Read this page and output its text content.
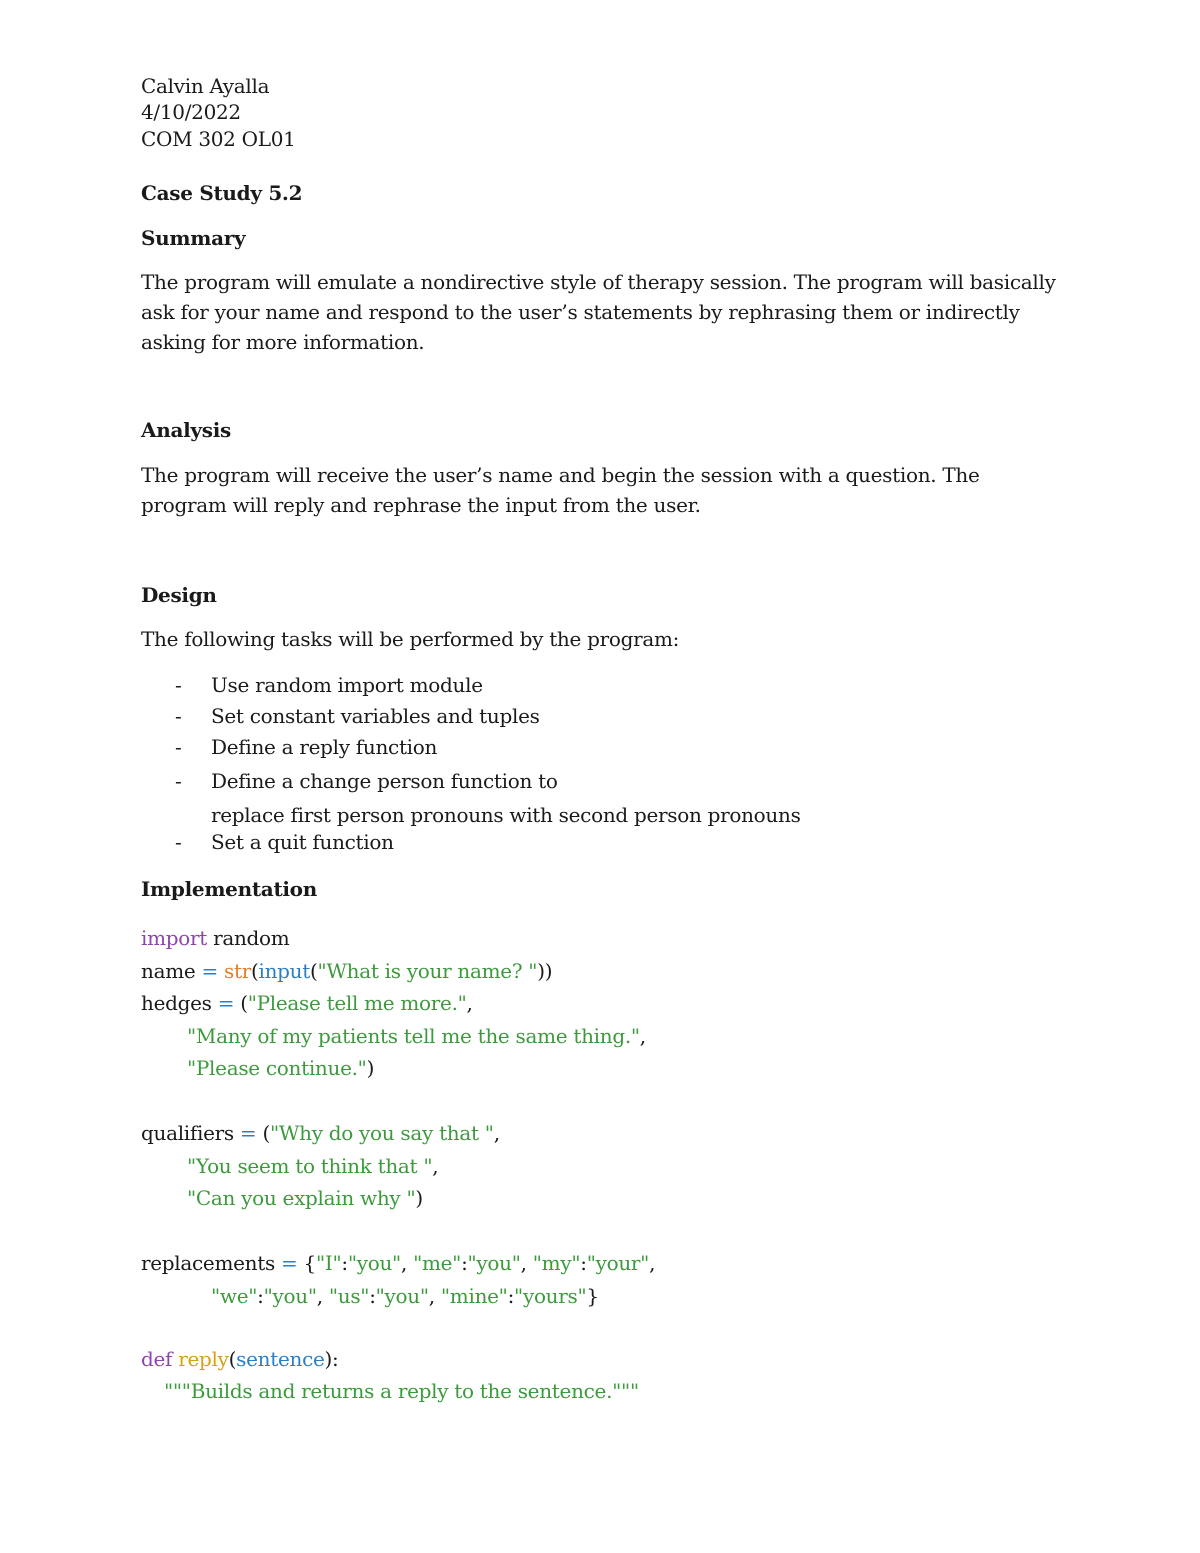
Calvin Ayalla
4/10/2022
COM 302 OL01
Case Study 5.2
Summary
The program will emulate a nondirective style of therapy session. The program will basically ask for your name and respond to the user’s statements by rephrasing them or indirectly asking for more information.
Analysis
The program will receive the user’s name and begin the session with a question. The program will reply and rephrase the input from the user.
Design
The following tasks will be performed by the program:
- Use random import module
- Set constant variables and tuples
- Define a reply function
- Define a change person function to
replace first person pronouns with second person pronouns
- Set a quit function
Implementation
import random
name = str(input("What is your name? "))
hedges = ("Please tell me more.",
"Many of my patients tell me the same thing.",
"Please continue.")
qualifiers = ("Why do you say that ",
"You seem to think that ",
"Can you explain why ")
replacements = {"I":"you", "me":"you", "my":"your",
"we":"you", "us":"you", "mine":"yours"}
def reply(sentence):
"""Builds and returns a reply to the sentence."""
